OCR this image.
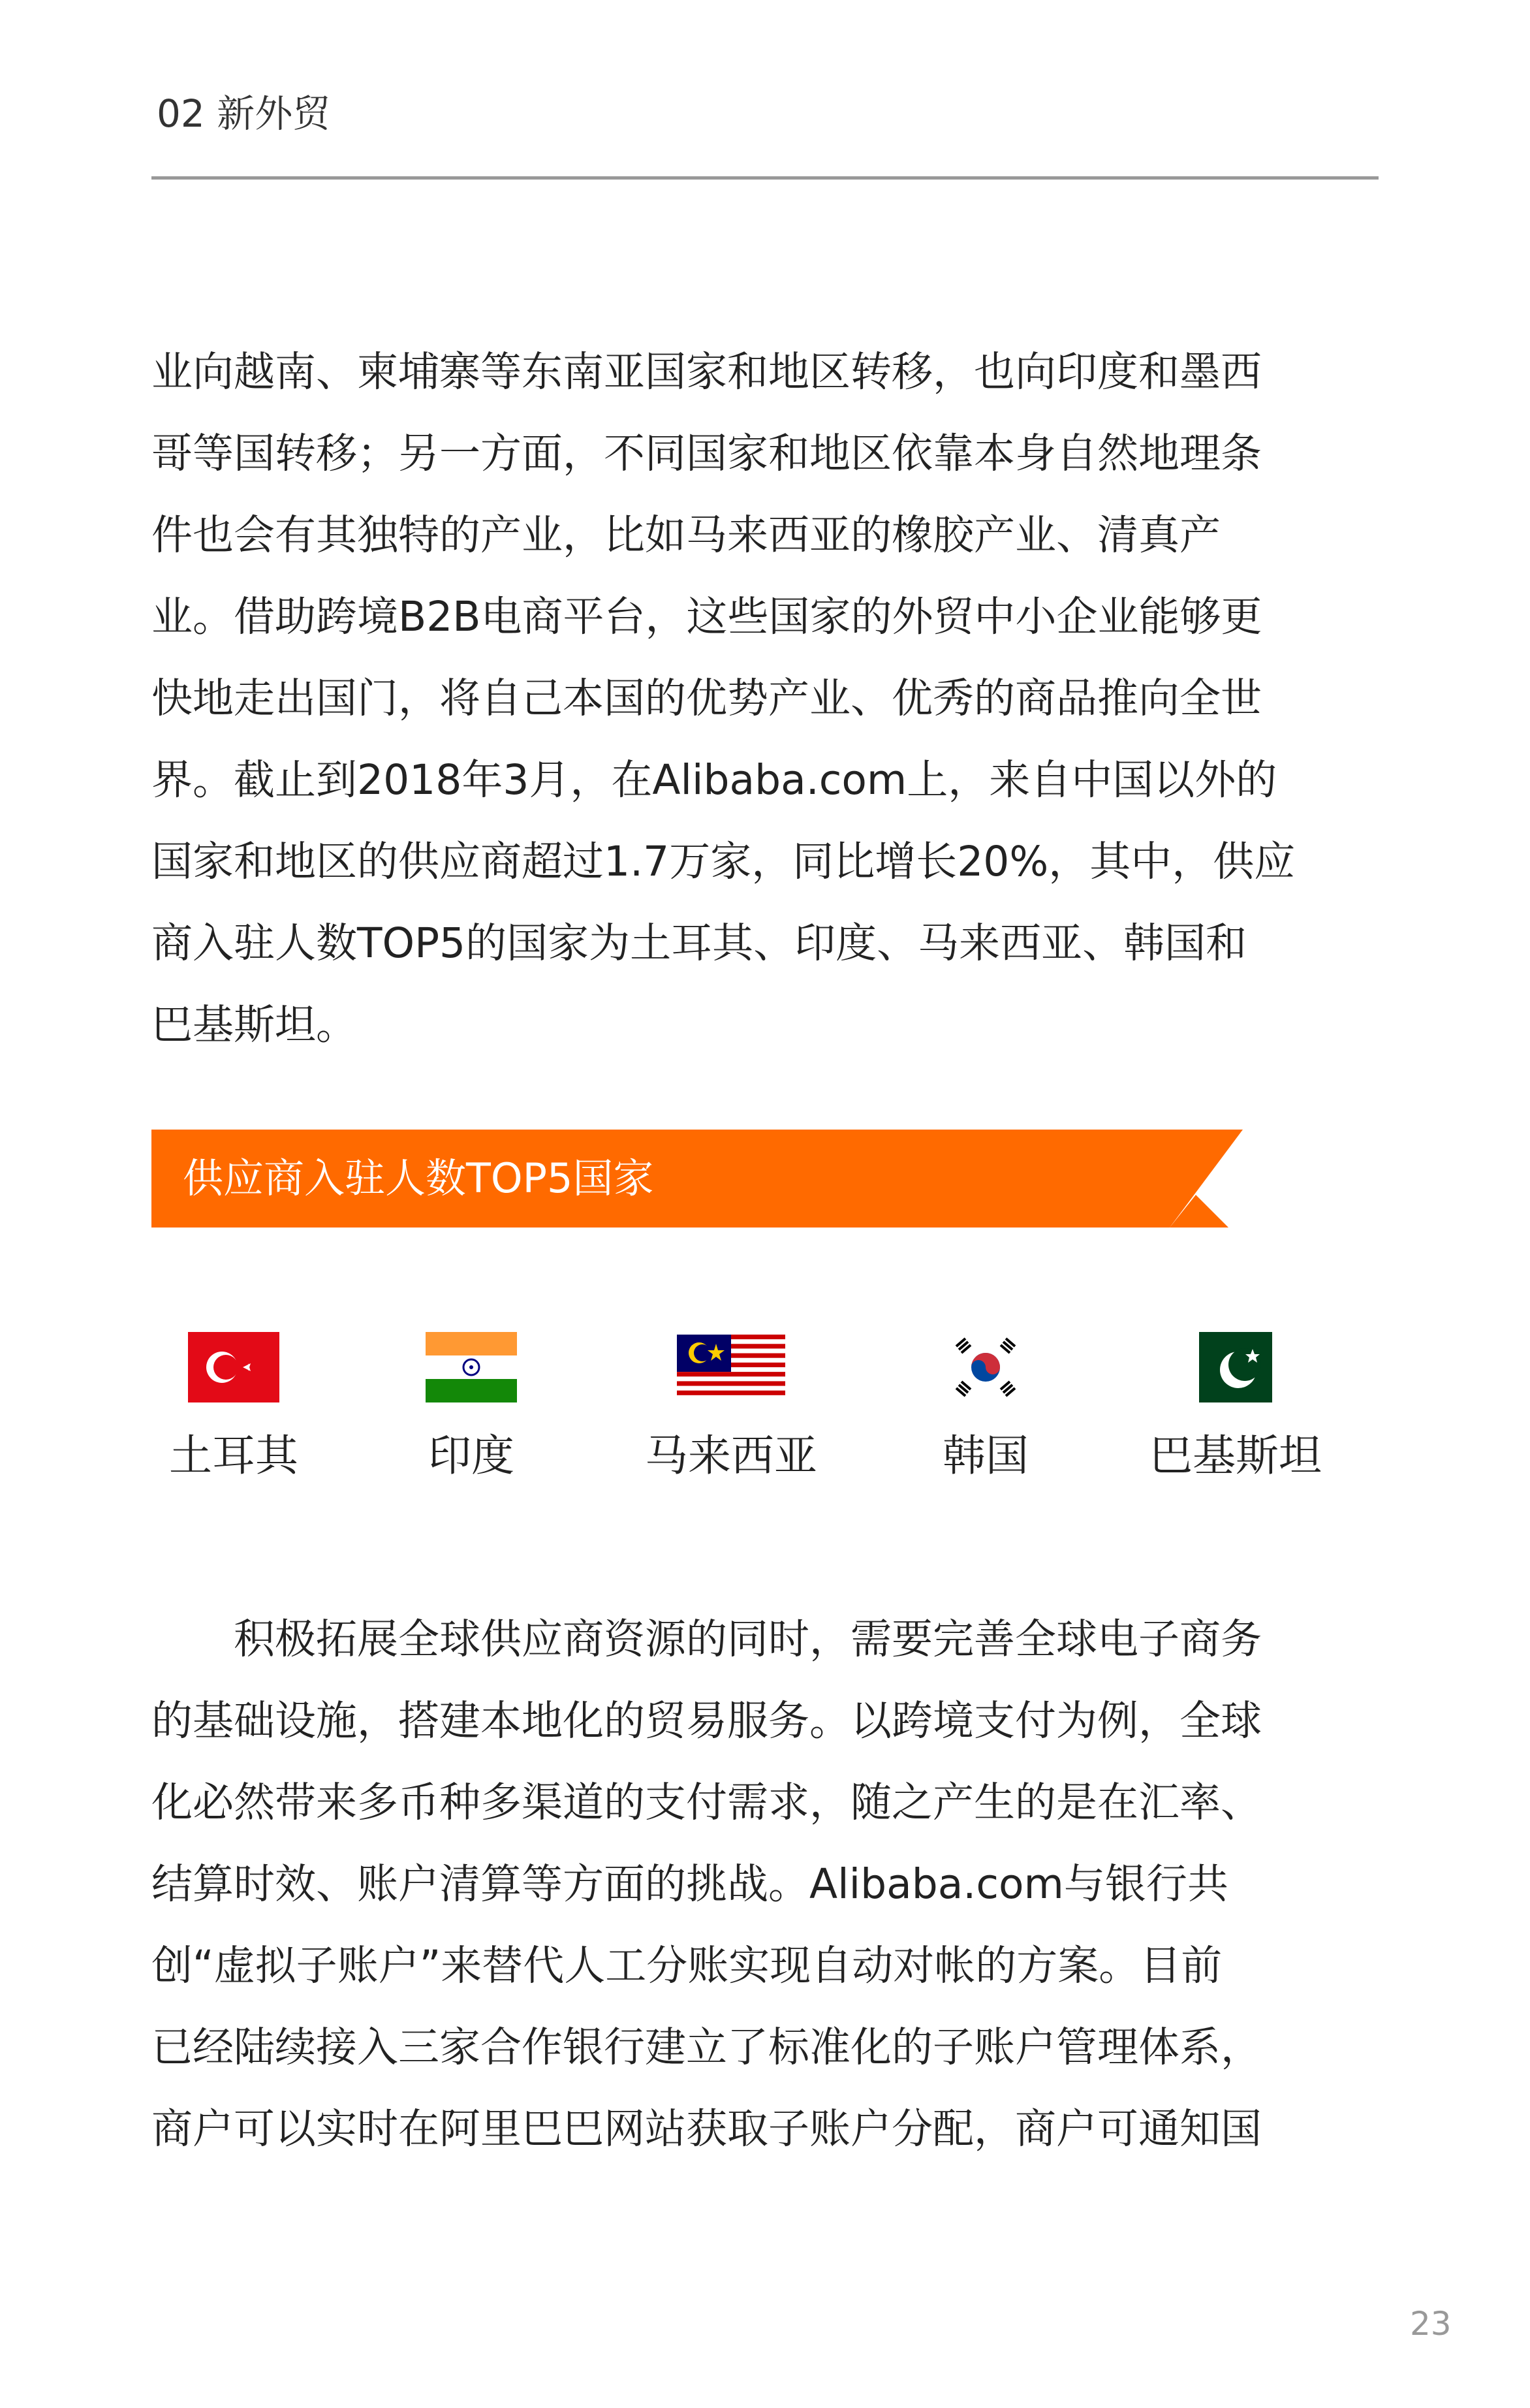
02 新外贸
业向越南、柬埔寨等东南亚国家和地区转移，也向印度和墨西
哥等国转移；另一方面，不同国家和地区依靠本身自然地理条
件也会有其独特的产业，比如马来西亚的橡胶产业、清真产
业。借助跨境B2B电商平台，这些国家的外贸中小企业能够更
快地走出国门，将自己本国的优势产业、优秀的商品推向全世
界。截止到2018年3月，在Alibaba.com上，来自中国以外的
国家和地区的供应商超过1.7万家，同比增长20%，其中，供应
商入驻人数TOP5的国家为土耳其、印度、马来西亚、韩国和
巴基斯坦。
供应商入驻人数TOP5国家
土耳其	印度	马来西亚	韩国	巴基斯坦
　　积极拓展全球供应商资源的同时，需要完善全球电子商务
的基础设施，搭建本地化的贸易服务。以跨境支付为例，全球
化必然带来多币种多渠道的支付需求，随之产生的是在汇率、
结算时效、账户清算等方面的挑战。Alibaba.com与银行共
创“虚拟子账户”来替代人工分账实现自动对帐的方案。目前
已经陆续接入三家合作银行建立了标准化的子账户管理体系，
商户可以实时在阿里巴巴网站获取子账户分配，商户可通知国
23
